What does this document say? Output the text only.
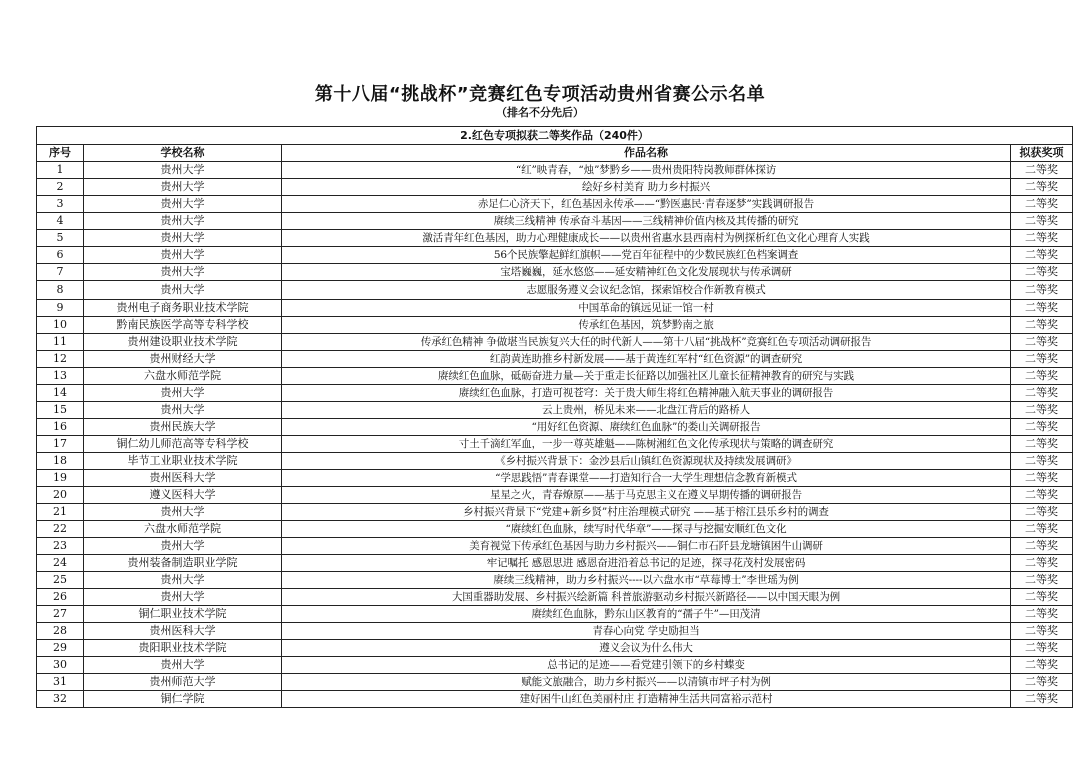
第十八届“挑战杯”竞赛红色专项活动贵州省赛公示名单
（排名不分先后）
2.红色专项拟获二等奖作品（240件）			
序号	学校名称	作品名称	拟获奖项
1	贵州大学	“红”映青春，“烛”梦黔乡——贵州贵阳特岗教师群体探访	二等奖
2	贵州大学	绘好乡村美育 助力乡村振兴	二等奖
3	贵州大学	赤足仁心济天下，红色基因永传承——“黔医惠民·青春逐梦”实践调研报告	二等奖
4	贵州大学	赓续三线精神 传承奋斗基因——三线精神价值内核及其传播的研究	二等奖
5	贵州大学	激活青年红色基因，助力心理健康成长——以贵州省惠水县西南村为例探析红色文化心理育人实践	二等奖
6	贵州大学	56个民族擎起鲜红旗帜——党百年征程中的少数民族红色档案调查	二等奖
7	贵州大学	宝塔巍巍，延水悠悠——延安精神红色文化发展现状与传承调研	二等奖
8	贵州大学	志愿服务遵义会议纪念馆，探索馆校合作新教育模式	二等奖
9	贵州电子商务职业技术学院	中国革命的镇远见证一馆一村	二等奖
10	黔南民族医学高等专科学校	传承红色基因，筑梦黔南之旅	二等奖
11	贵州建设职业技术学院	传承红色精神 争做堪当民族复兴大任的时代新人——第十八届“挑战杯”竞赛红色专项活动调研报告	二等奖
12	贵州财经大学	红韵黄连助推乡村新发展——基于黄连红军村“红色资源”的调查研究	二等奖
13	六盘水师范学院	赓续红色血脉，砥砺奋进力量—关于重走长征路以加强社区儿童长征精神教育的研究与实践	二等奖
14	贵州大学	赓续红色血脉，打造可视苍穹：关于贵大师生将红色精神融入航天事业的调研报告	二等奖
15	贵州大学	云上贵州，桥见未来——北盘江背后的路桥人	二等奖
16	贵州民族大学	“用好红色资源、赓续红色血脉”的娄山关调研报告	二等奖
17	铜仁幼儿师范高等专科学校	寸土千滴红军血，一步一尊英雄魁——陈树湘红色文化传承现状与策略的调查研究	二等奖
18	毕节工业职业技术学院	《乡村振兴背景下：金沙县后山镇红色资源现状及持续发展调研》	二等奖
19	贵州医科大学	“学思践悟”青春课堂——打造知行合一大学生理想信念教育新模式	二等奖
20	遵义医科大学	星星之火，青春燎原——基于马克思主义在遵义早期传播的调研报告	二等奖
21	贵州大学	乡村振兴背景下“党建+新乡贤”村庄治理模式研究 ——基于榕江县乐乡村的调查	二等奖
22	六盘水师范学院	“赓续红色血脉，续写时代华章”——探寻与挖掘安顺红色文化	二等奖
23	贵州大学	美育视觉下传承红色基因与助力乡村振兴——铜仁市石阡县龙塘镇困牛山调研	二等奖
24	贵州装备制造职业学院	牢记嘱托 感恩思进 感恩奋进沿着总书记的足迹，探寻花茂村发展密码	二等奖
25	贵州大学	赓续三线精神，助力乡村振兴----以六盘水市“草莓博士”李世瑶为例	二等奖
26	贵州大学	大国重器助发展、乡村振兴绘新篇 科普旅游驱动乡村振兴新路径——以中国天眼为例	二等奖
27	铜仁职业技术学院	赓续红色血脉，黔东山区教育的“孺子牛”—田茂清	二等奖
28	贵州医科大学	青春心向党 学史励担当	二等奖
29	贵阳职业技术学院	遵义会议为什么伟大	二等奖
30	贵州大学	总书记的足迹——看党建引领下的乡村蝶变	二等奖
31	贵州师范大学	赋能文旅融合，助力乡村振兴——以清镇市坪子村为例	二等奖
32	铜仁学院	建好困牛山红色美丽村庄 打造精神生活共同富裕示范村	二等奖
